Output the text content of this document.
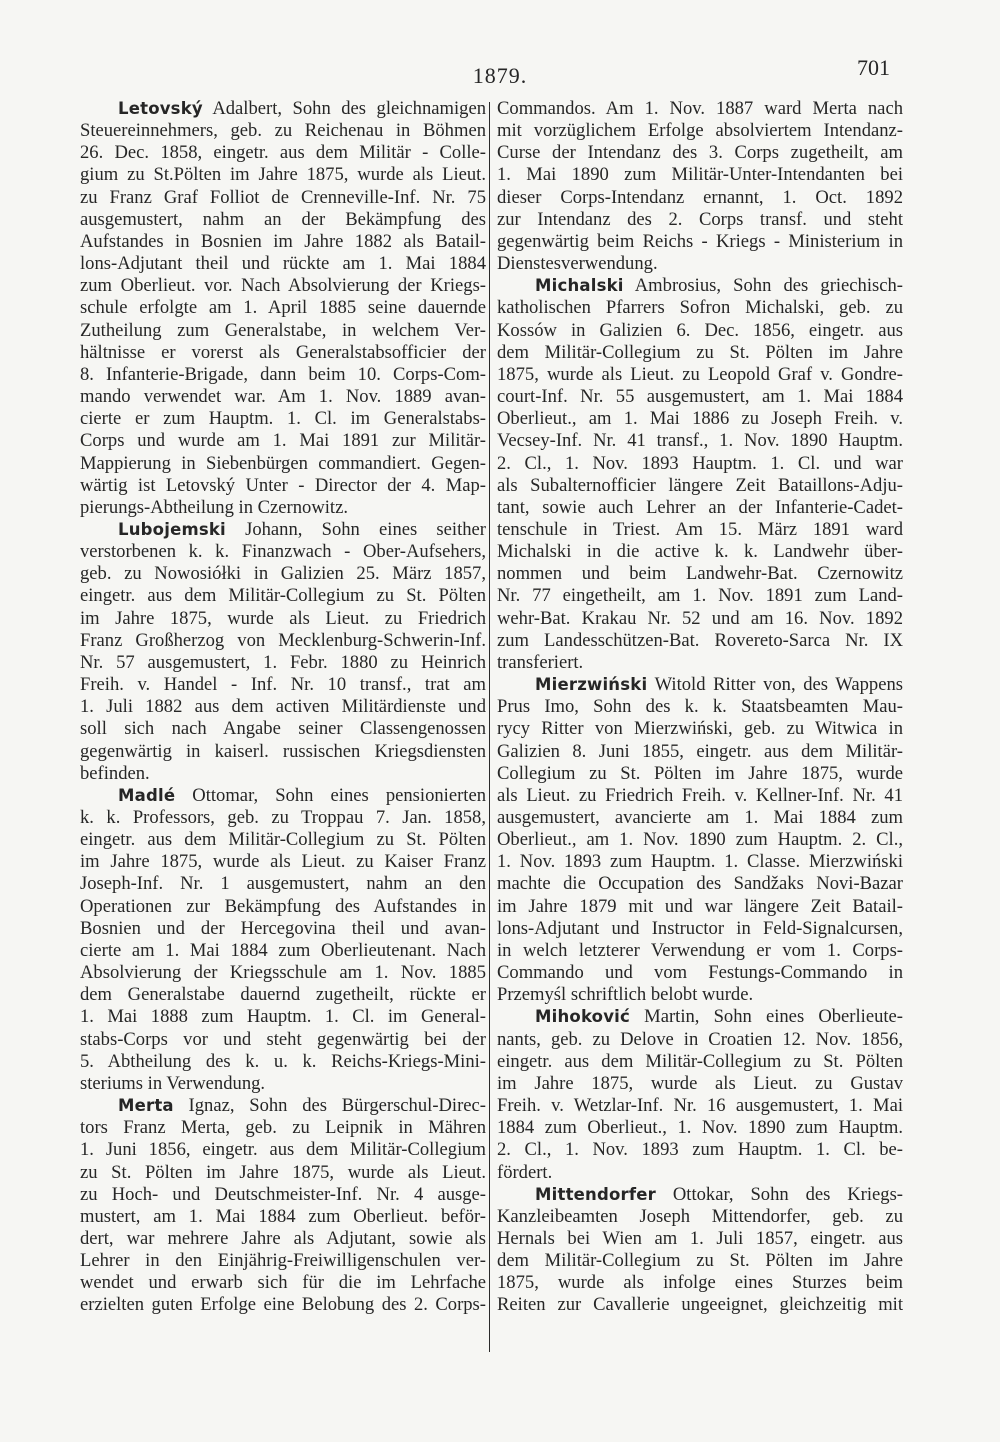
1879.	701
Letovský Adalbert, Sohn des gleichnamigen
Steuereinnehmers, geb. zu Reichenau in Böhmen
26. Dec. 1858, eingetr. aus dem Militär - Colle-
gium zu St.Pölten im Jahre 1875, wurde als Lieut.
zu Franz Graf Folliot de Crenneville-Inf. Nr. 75
ausgemustert, nahm an der Bekämpfung des
Aufstandes in Bosnien im Jahre 1882 als Batail-
lons-Adjutant theil und rückte am 1. Mai 1884
zum Oberlieut. vor. Nach Absolvierung der Kriegs-
schule erfolgte am 1. April 1885 seine dauernde
Zutheilung zum Generalstabe, in welchem Ver-
hältnisse er vorerst als Generalstabsofficier der
8. Infanterie-Brigade, dann beim 10. Corps-Com-
mando verwendet war. Am 1. Nov. 1889 avan-
cierte er zum Hauptm. 1. Cl. im Generalstabs-
Corps und wurde am 1. Mai 1891 zur Militär-
Mappierung in Siebenbürgen commandiert. Gegen-
wärtig ist Letovský Unter - Director der 4. Map-
pierungs-Abtheilung in Czernowitz.
Lubojemski Johann, Sohn eines seither
verstorbenen k. k. Finanzwach - Ober-Aufsehers,
geb. zu Nowosiółki in Galizien 25. März 1857,
eingetr. aus dem Militär-Collegium zu St. Pölten
im Jahre 1875, wurde als Lieut. zu Friedrich
Franz Großherzog von Mecklenburg-Schwerin-Inf.
Nr. 57 ausgemustert, 1. Febr. 1880 zu Heinrich
Freih. v. Handel - Inf. Nr. 10 transf., trat am
1. Juli 1882 aus dem activen Militärdienste und
soll sich nach Angabe seiner Classengenossen
gegenwärtig in kaiserl. russischen Kriegsdiensten
befinden.
Madlé Ottomar, Sohn eines pensionierten
k. k. Professors, geb. zu Troppau 7. Jan. 1858,
eingetr. aus dem Militär-Collegium zu St. Pölten
im Jahre 1875, wurde als Lieut. zu Kaiser Franz
Joseph-Inf. Nr. 1 ausgemustert, nahm an den
Operationen zur Bekämpfung des Aufstandes in
Bosnien und der Hercegovina theil und avan-
cierte am 1. Mai 1884 zum Oberlieutenant. Nach
Absolvierung der Kriegsschule am 1. Nov. 1885
dem Generalstabe dauernd zugetheilt, rückte er
1. Mai 1888 zum Hauptm. 1. Cl. im General-
stabs-Corps vor und steht gegenwärtig bei der
5. Abtheilung des k. u. k. Reichs-Kriegs-Mini-
steriums in Verwendung.
Merta Ignaz, Sohn des Bürgerschul-Direc-
tors Franz Merta, geb. zu Leipnik in Mähren
1. Juni 1856, eingetr. aus dem Militär-Collegium
zu St. Pölten im Jahre 1875, wurde als Lieut.
zu Hoch- und Deutschmeister-Inf. Nr. 4 ausge-
mustert, am 1. Mai 1884 zum Oberlieut. beför-
dert, war mehrere Jahre als Adjutant, sowie als
Lehrer in den Einjährig-Freiwilligenschulen ver-
wendet und erwarb sich für die im Lehrfache
erzielten guten Erfolge eine Belobung des 2. Corps-
Commandos. Am 1. Nov. 1887 ward Merta nach
mit vorzüglichem Erfolge absolviertem Intendanz-
Curse der Intendanz des 3. Corps zugetheilt, am
1. Mai 1890 zum Militär-Unter-Intendanten bei
dieser Corps-Intendanz ernannt, 1. Oct. 1892
zur Intendanz des 2. Corps transf. und steht
gegenwärtig beim Reichs - Kriegs - Ministerium in
Dienstesverwendung.
Michalski Ambrosius, Sohn des griechisch-
katholischen Pfarrers Sofron Michalski, geb. zu
Kossów in Galizien 6. Dec. 1856, eingetr. aus
dem Militär-Collegium zu St. Pölten im Jahre
1875, wurde als Lieut. zu Leopold Graf v. Gondre-
court-Inf. Nr. 55 ausgemustert, am 1. Mai 1884
Oberlieut., am 1. Mai 1886 zu Joseph Freih. v.
Vecsey-Inf. Nr. 41 transf., 1. Nov. 1890 Hauptm.
2. Cl., 1. Nov. 1893 Hauptm. 1. Cl. und war
als Subalternofficier längere Zeit Bataillons-Adju-
tant, sowie auch Lehrer an der Infanterie-Cadet-
tenschule in Triest. Am 15. März 1891 ward
Michalski in die active k. k. Landwehr über-
nommen und beim Landwehr-Bat. Czernowitz
Nr. 77 eingetheilt, am 1. Nov. 1891 zum Land-
wehr-Bat. Krakau Nr. 52 und am 16. Nov. 1892
zum Landesschützen-Bat. Rovereto-Sarca Nr. IX
transferiert.
Mierzwiński Witold Ritter von, des Wappens
Prus Imo, Sohn des k. k. Staatsbeamten Mau-
rycy Ritter von Mierzwiński, geb. zu Witwica in
Galizien 8. Juni 1855, eingetr. aus dem Militär-
Collegium zu St. Pölten im Jahre 1875, wurde
als Lieut. zu Friedrich Freih. v. Kellner-Inf. Nr. 41
ausgemustert, avancierte am 1. Mai 1884 zum
Oberlieut., am 1. Nov. 1890 zum Hauptm. 2. Cl.,
1. Nov. 1893 zum Hauptm. 1. Classe. Mierzwiński
machte die Occupation des Sandžaks Novi-Bazar
im Jahre 1879 mit und war längere Zeit Batail-
lons-Adjutant und Instructor in Feld-Signalcursen,
in welch letzterer Verwendung er vom 1. Corps-
Commando und vom Festungs-Commando in
Przemyśl schriftlich belobt wurde.
Mihoković Martin, Sohn eines Oberlieute-
nants, geb. zu Delove in Croatien 12. Nov. 1856,
eingetr. aus dem Militär-Collegium zu St. Pölten
im Jahre 1875, wurde als Lieut. zu Gustav
Freih. v. Wetzlar-Inf. Nr. 16 ausgemustert, 1. Mai
1884 zum Oberlieut., 1. Nov. 1890 zum Hauptm.
2. Cl., 1. Nov. 1893 zum Hauptm. 1. Cl. be-
fördert.
Mittendorfer Ottokar, Sohn des Kriegs-
Kanzleibeamten Joseph Mittendorfer, geb. zu
Hernals bei Wien am 1. Juli 1857, eingetr. aus
dem Militär-Collegium zu St. Pölten im Jahre
1875, wurde als infolge eines Sturzes beim
Reiten zur Cavallerie ungeeignet, gleichzeitig mit
